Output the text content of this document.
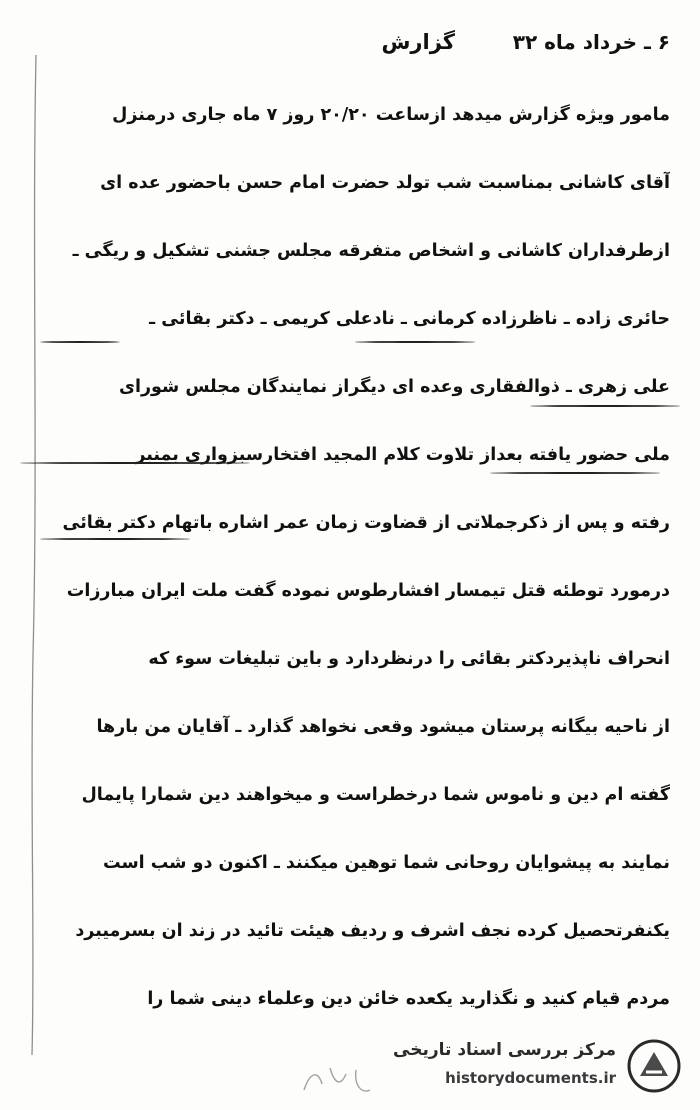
۶ ـ خرداد ماه ۳۲
گزارش
مامور ویژه گزارش میدهد ازساعت ۲۰/۲۰ روز ۷ ماه جاری درمنزل
آقای کاشانی بمناسبت شب تولد حضرت امام حسن باحضور عده ای
ازطرفداران کاشانی و اشخاص متفرقه مجلس جشنی تشکیل و ریگی ـ
حائری زاده ـ ناظرزاده کرمانی ـ نادعلی کریمی ـ دکتر بقائی ـ
علی زهری ـ ذوالفقاری وعده ای دیگراز نمایندگان مجلس شورای
ملی حضور یافته بعداز تلاوت کلام المجید افتخارسبزواری بمنبر
رفته و پس از ذکرجملاتی از قضاوت زمان عمر اشاره باتهام دکتر بقائی
درمورد توطئه قتل تیمسار افشارطوس نموده گفت ملت ایران مبارزات
انحراف ناپذیردکتر بقائی را درنظردارد و باین تبلیغات سوء که
از ناحیه بیگانه پرستان میشود وقعی نخواهد گذارد ـ آقایان من بارها
گفته ام دین و ناموس شما درخطراست و میخواهند دین شمارا پایمال
نمایند به پیشوایان روحانی شما توهین میکنند ـ اکنون دو شب است
یکنفرتحصیل کرده نجف اشرف و ردیف هیئت تائید در زند ان بسرمیبرد
مردم قیام کنید و نگذارید یکعده خائن دین وعلماء دینی شما را
مرکز بررسی اسناد تاریخی
historydocuments.ir
